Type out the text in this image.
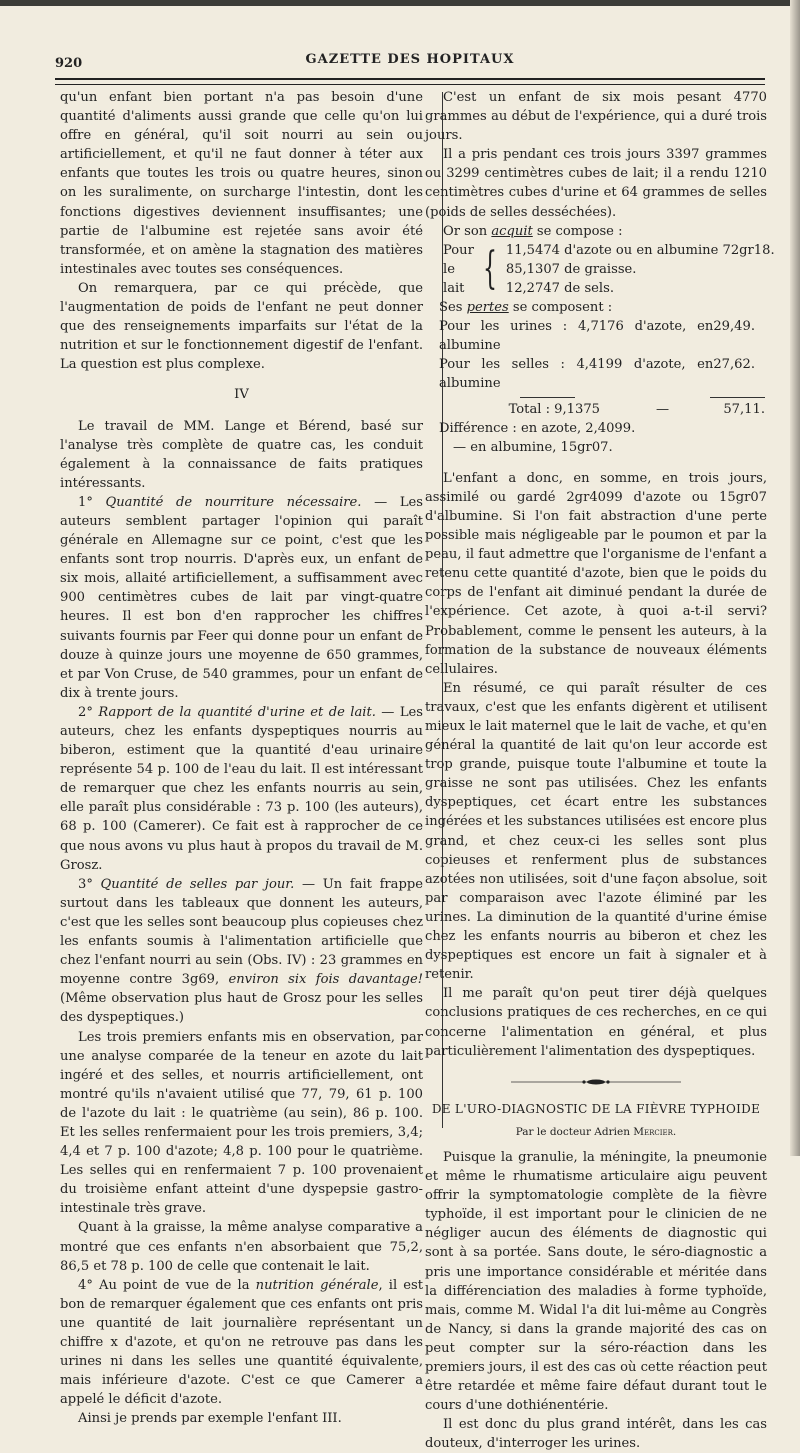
920	GAZETTE DES HOPITAUX

qu'un enfant bien portant n'a pas besoin d'une quantité d'aliments aussi grande que celle qu'on lui offre en général, qu'il soit nourri au sein ou artificiellement, et qu'il ne faut donner à téter aux enfants que toutes les trois ou quatre heures, sinon on les suralimente, on surcharge l'intestin, dont les fonctions digestives deviennent insuffisantes; une partie de l'albumine est rejetée sans avoir été transformée, et on amène la stagnation des matières intestinales avec toutes ses conséquences.

On remarquera, par ce qui précède, que l'augmentation de poids de l'enfant ne peut donner que des renseignements imparfaits sur l'état de la nutrition et sur le fonctionnement digestif de l'enfant. La question est plus complexe.

IV

Le travail de MM. Lange et Bérend, basé sur l'analyse très complète de quatre cas, les conduit également à la connaissance de faits pratiques intéressants.

1° Quantité de nourriture nécessaire. — Les auteurs semblent partager l'opinion qui paraît générale en Allemagne sur ce point, c'est que les enfants sont trop nourris. D'après eux, un enfant de six mois, allaité artificiellement, a suffisamment avec 900 centimètres cubes de lait par vingt-quatre heures. Il est bon d'en rapprocher les chiffres suivants fournis par Feer qui donne pour un enfant de douze à quinze jours une moyenne de 650 grammes, et par Von Cruse, de 540 grammes, pour un enfant de dix à trente jours.

2° Rapport de la quantité d'urine et de lait. — Les auteurs, chez les enfants dyspeptiques nourris au biberon, estiment que la quantité d'eau urinaire représente 54 p. 100 de l'eau du lait. Il est intéressant de remarquer que chez les enfants nourris au sein, elle paraît plus considérable : 73 p. 100 (les auteurs), 68 p. 100 (Camerer). Ce fait est à rapprocher de ce que nous avons vu plus haut à propos du travail de M. Grosz.

3° Quantité de selles par jour. — Un fait frappe surtout dans les tableaux que donnent les auteurs, c'est que les selles sont beaucoup plus copieuses chez les enfants soumis à l'alimentation artificielle que chez l'enfant nourri au sein (Obs. IV) : 23 grammes en moyenne contre 3g69, environ six fois davantage! (Même observation plus haut de Grosz pour les selles des dyspeptiques.)

Les trois premiers enfants mis en observation, par une analyse comparée de la teneur en azote du lait ingéré et des selles, et nourris artificiellement, ont montré qu'ils n'avaient utilisé que 77, 79, 61 p. 100 de l'azote du lait : le quatrième (au sein), 86 p. 100. Et les selles renfermaient pour les trois premiers, 3,4; 4,4 et 7 p. 100 d'azote; 4,8 p. 100 pour le quatrième. Les selles qui en renfermaient 7 p. 100 provenaient du troisième enfant atteint d'une dyspepsie gastro-intestinale très grave.

Quant à la graisse, la même analyse comparative a montré que ces enfants n'en absorbaient que 75,2, 86,5 et 78 p. 100 de celle que contenait le lait.

4° Au point de vue de la nutrition générale, il est bon de remarquer également que ces enfants ont pris une quantité de lait journalière représentant un chiffre x d'azote, et qu'on ne retrouve pas dans les urines ni dans les selles une quantité équivalente, mais inférieure d'azote. C'est ce que Camerer a appelé le déficit d'azote.

Ainsi je prends par exemple l'enfant III.

C'est un enfant de six mois pesant 4770 grammes au début de l'expérience, qui a duré trois jours.

Il a pris pendant ces trois jours 3397 grammes ou 3299 centimètres cubes de lait; il a rendu 1210 centimètres cubes d'urine et 64 grammes de selles (poids de selles desséchées).

Or son acquit se compose :

Pour le lait { 11,5474 d'azote ou en albumine 72gr18.
85,1307 de graisse.
12,2747 de sels.

Ses pertes se composent :

Pour les urines : 4,7176 d'azote, en albumine
29,49.
Pour les selles : 4,4199 d'azote, en albumine
27,62.
Total : 9,1375	—	57,11.

Différence : en azote, 2,4099.

— en albumine, 15gr07.

L'enfant a donc, en somme, en trois jours, assimilé ou gardé 2gr4099 d'azote ou 15gr07 d'albumine. Si l'on fait abstraction d'une perte possible mais négligeable par le poumon et par la peau, il faut admettre que l'organisme de l'enfant a retenu cette quantité d'azote, bien que le poids du corps de l'enfant ait diminué pendant la durée de l'expérience. Cet azote, à quoi a-t-il servi? Probablement, comme le pensent les auteurs, à la formation de la substance de nouveaux éléments cellulaires.

En résumé, ce qui paraît résulter de ces travaux, c'est que les enfants digèrent et utilisent mieux le lait maternel que le lait de vache, et qu'en général la quantité de lait qu'on leur accorde est trop grande, puisque toute l'albumine et toute la graisse ne sont pas utilisées. Chez les enfants dyspeptiques, cet écart entre les substances ingérées et les substances utilisées est encore plus grand, et chez ceux-ci les selles sont plus copieuses et renferment plus de substances azotées non utilisées, soit d'une façon absolue, soit par comparaison avec l'azote éliminé par les urines. La diminution de la quantité d'urine émise chez les enfants nourris au biberon et chez les dyspeptiques est encore un fait à signaler et à retenir.

Il me paraît qu'on peut tirer déjà quelques conclusions pratiques de ces recherches, en ce qui concerne l'alimentation en général, et plus particulièrement l'alimentation des dyspeptiques.

DE L'URO-DIAGNOSTIC DE LA FIÈVRE TYPHOIDE

Par le docteur Adrien Mercier.

Puisque la granulie, la méningite, la pneumonie et même le rhumatisme articulaire aigu peuvent offrir la symptomatologie complète de la fièvre typhoïde, il est important pour le clinicien de ne négliger aucun des éléments de diagnostic qui sont à sa portée. Sans doute, le séro-diagnostic a pris une importance considérable et méritée dans la différenciation des maladies à forme typhoïde, mais, comme M. Widal l'a dit lui-même au Congrès de Nancy, si dans la grande majorité des cas on peut compter sur la séro-réaction dans les premiers jours, il est des cas où cette réaction peut être retardée et même faire défaut durant tout le cours d'une dothiénentérie.

Il est donc du plus grand intérêt, dans les cas douteux, d'interroger les urines.
